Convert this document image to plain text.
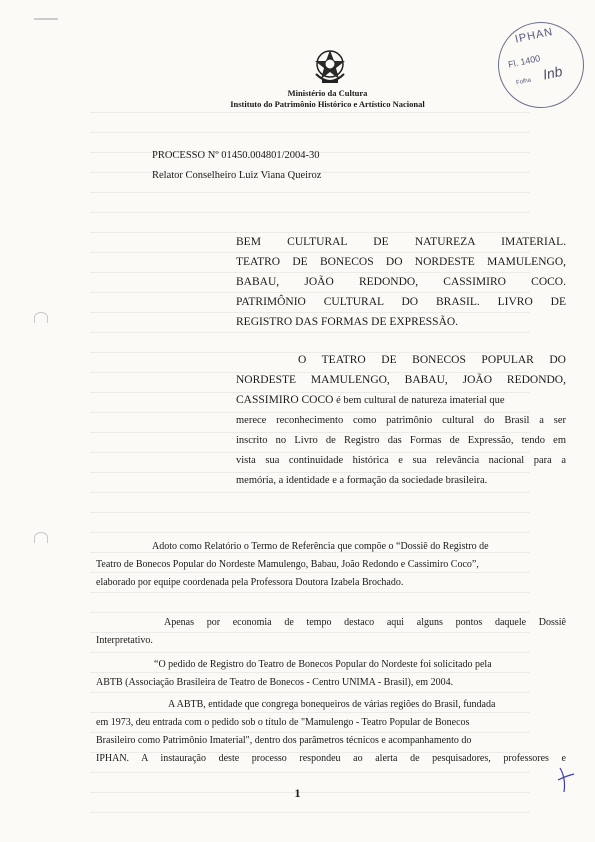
Ministério da Cultura
Instituto do Patrimônio Histórico e Artístico Nacional
IPHAN
Fl. 1400
Folha Inb
PROCESSO Nº 01450.004801/2004-30
Relator Conselheiro Luiz Viana Queiroz
BEM CULTURAL DE NATUREZA IMATERIAL.
TEATRO DE BONECOS DO NORDESTE MAMULENGO,
BABAU, JOÃO REDONDO, CASSIMIRO COCO.
PATRIMÔNIO CULTURAL DO BRASIL. LIVRO DE
REGISTRO DAS FORMAS DE EXPRESSÃO.
O TEATRO DE BONECOS POPULAR DO
NORDESTE MAMULENGO, BABAU, JOÃO REDONDO,
CASSIMIRO COCO é bem cultural de natureza imaterial que
merece reconhecimento como patrimônio cultural do Brasil a ser
inscrito no Livro de Registro das Formas de Expressão, tendo em
vista sua continuidade histórica e sua relevância nacional para a
memória, a identidade e a formação da sociedade brasileira.
Adoto como Relatório o Termo de Referência que compõe o “Dossiê do Registro de
Teatro de Bonecos Popular do Nordeste Mamulengo, Babau, João Redondo e Cassimiro Coco”,
elaborado por equipe coordenada pela Professora Doutora Izabela Brochado.
Apenas por economia de tempo destaco aqui alguns pontos daquele Dossiê
Interpretativo.
“O pedido de Registro do Teatro de Bonecos Popular do Nordeste foi solicitado pela
ABTB (Associação Brasileira de Teatro de Bonecos - Centro UNIMA - Brasil), em 2004.
A ABTB, entidade que congrega bonequeiros de várias regiões do Brasil, fundada
em 1973, deu entrada com o pedido sob o título de "Mamulengo - Teatro Popular de Bonecos
Brasileiro como Patrimônio Imaterial", dentro dos parâmetros técnicos e acompanhamento do
IPHAN. A instauração deste processo respondeu ao alerta de pesquisadores, professores e
1
